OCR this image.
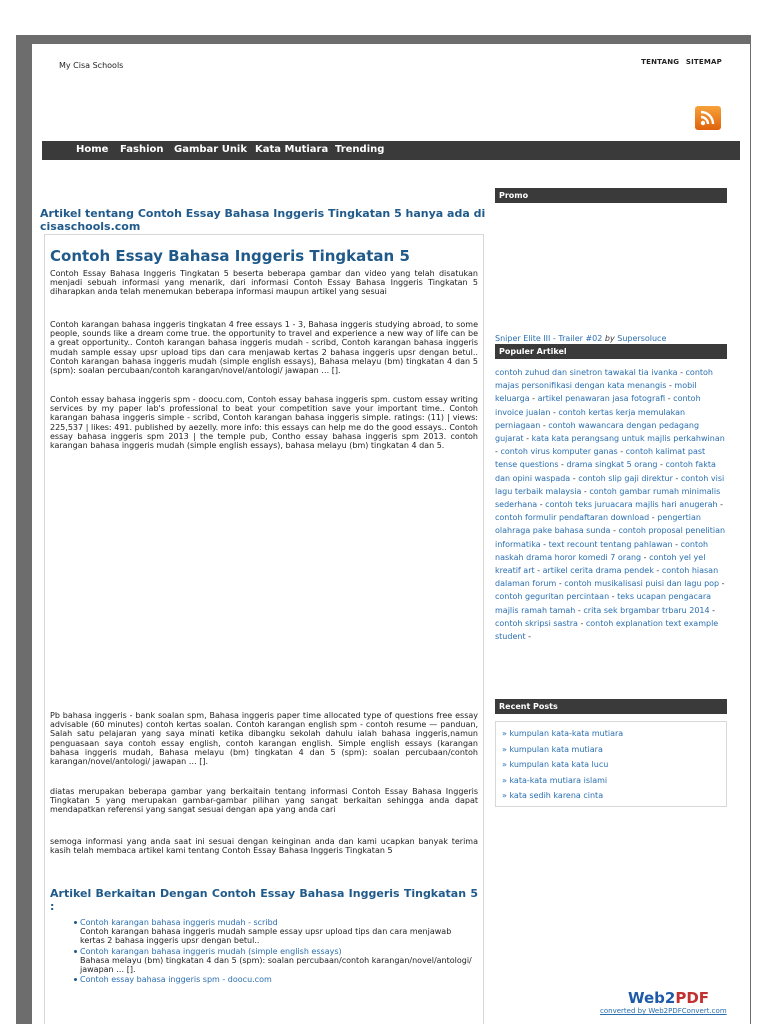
My Cisa Schools	TENTANG SITEMAP
Home Fashion Gambar Unik Kata Mutiara Trending

Artikel tentang Contoh Essay Bahasa Inggeris Tingkatan 5 hanya ada di cisaschools.com

Contoh Essay Bahasa Inggeris Tingkatan 5
Contoh Essay Bahasa Inggeris Tingkatan 5 beserta beberapa gambar dan video yang telah disatukan menjadi sebuah informasi yang menarik, dari informasi Contoh Essay Bahasa Inggeris Tingkatan 5 diharapkan anda telah menemukan beberapa informasi maupun artikel yang sesuai
Contoh karangan bahasa inggeris tingkatan 4 free essays 1 - 3, Bahasa inggeris studying abroad, to some people, sounds like a dream come true. the opportunity to travel and experience a new way of life can be a great opportunity.. Contoh karangan bahasa inggeris mudah - scribd, Contoh karangan bahasa inggeris mudah sample essay upsr upload tips dan cara menjawab kertas 2 bahasa inggeris upsr dengan betul.. Contoh karangan bahasa inggeris mudah (simple english essays), Bahasa melayu (bm) tingkatan 4 dan 5 (spm): soalan percubaan/contoh karangan/novel/antologi/ jawapan … [].
Contoh essay bahasa inggeris spm - doocu.com, Contoh essay bahasa inggeris spm. custom essay writing services by my paper lab's professional to beat your competition save your important time.. Contoh karangan bahasa inggeris simple - scribd, Contoh karangan bahasa inggeris simple. ratings: (11) | views: 225,537 | likes: 491. published by aezelly. more info: this essays can help me do the good essays.. Contoh essay bahasa inggeris spm 2013 | the temple pub, Contho essay bahasa inggeris spm 2013. contoh karangan bahasa inggeris mudah (simple english essays), bahasa melayu (bm) tingkatan 4 dan 5.
Pb bahasa inggeris - bank soalan spm, Bahasa inggeris paper time allocated type of questions free essay advisable (60 minutes) contoh kertas soalan. Contoh karangan english spm - contoh resume — panduan, Salah satu pelajaran yang saya minati ketika dibangku sekolah dahulu ialah bahasa inggeris,namun penguasaan saya contoh essay english, contoh karangan english. Simple english essays (karangan bahasa inggeris mudah, Bahasa melayu (bm) tingkatan 4 dan 5 (spm): soalan percubaan/contoh karangan/novel/antologi/ jawapan … [].
diatas merupakan beberapa gambar yang berkaitain tentang informasi Contoh Essay Bahasa Inggeris Tingkatan 5 yang merupakan gambar-gambar pilihan yang sangat berkaitan sehingga anda dapat mendapatkan referensi yang sangat sesuai dengan apa yang anda cari
semoga informasi yang anda saat ini sesuai dengan keinginan anda dan kami ucapkan banyak terima kasih telah membaca artikel kami tentang Contoh Essay Bahasa Inggeris Tingkatan 5
Artikel Berkaitan Dengan Contoh Essay Bahasa Inggeris Tingkatan 5 :
Contoh karangan bahasa inggeris mudah - scribd
Contoh karangan bahasa inggeris mudah sample essay upsr upload tips dan cara menjawab kertas 2 bahasa inggeris upsr dengan betul..
Contoh karangan bahasa inggeris mudah (simple english essays)
Bahasa melayu (bm) tingkatan 4 dan 5 (spm): soalan percubaan/contoh karangan/novel/antologi/ jawapan … [].
Contoh essay bahasa inggeris spm - doocu.com
Promo
Sniper Elite III - Trailer #02 by Supersoluce
Populer Artikel
contoh zuhud dan sinetron tawakal tia ivanka - contoh majas personifikasi dengan kata menangis - mobil keluarga - artikel penawaran jasa fotografi - contoh invoice jualan - contoh kertas kerja memulakan perniagaan - contoh wawancara dengan pedagang gujarat - kata kata perangsang untuk majlis perkahwinan - contoh virus komputer ganas - contoh kalimat past tense questions - drama singkat 5 orang - contoh fakta dan opini waspada - contoh slip gaji direktur - contoh visi lagu terbaik malaysia - contoh gambar rumah minimalis sederhana - contoh teks juruacara majlis hari anugerah - contoh formulir pendaftaran download - pengertian olahraga pake bahasa sunda - contoh proposal penelitian informatika - text recount tentang pahlawan - contoh naskah drama horor komedi 7 orang - contoh yel yel kreatif art - artikel cerita drama pendek - contoh hiasan dalaman forum - contoh musikalisasi puisi dan lagu pop - contoh geguritan percintaan - teks ucapan pengacara majlis ramah tamah - crita sek brgambar trbaru 2014 - contoh skripsi sastra - contoh explanation text example student -
Recent Posts
» kumpulan kata-kata mutiara
» kumpulan kata mutiara
» kumpulan kata kata lucu
» kata-kata mutiara islami
» kata sedih karena cinta
Web2PDF
converted by Web2PDFConvert.com
